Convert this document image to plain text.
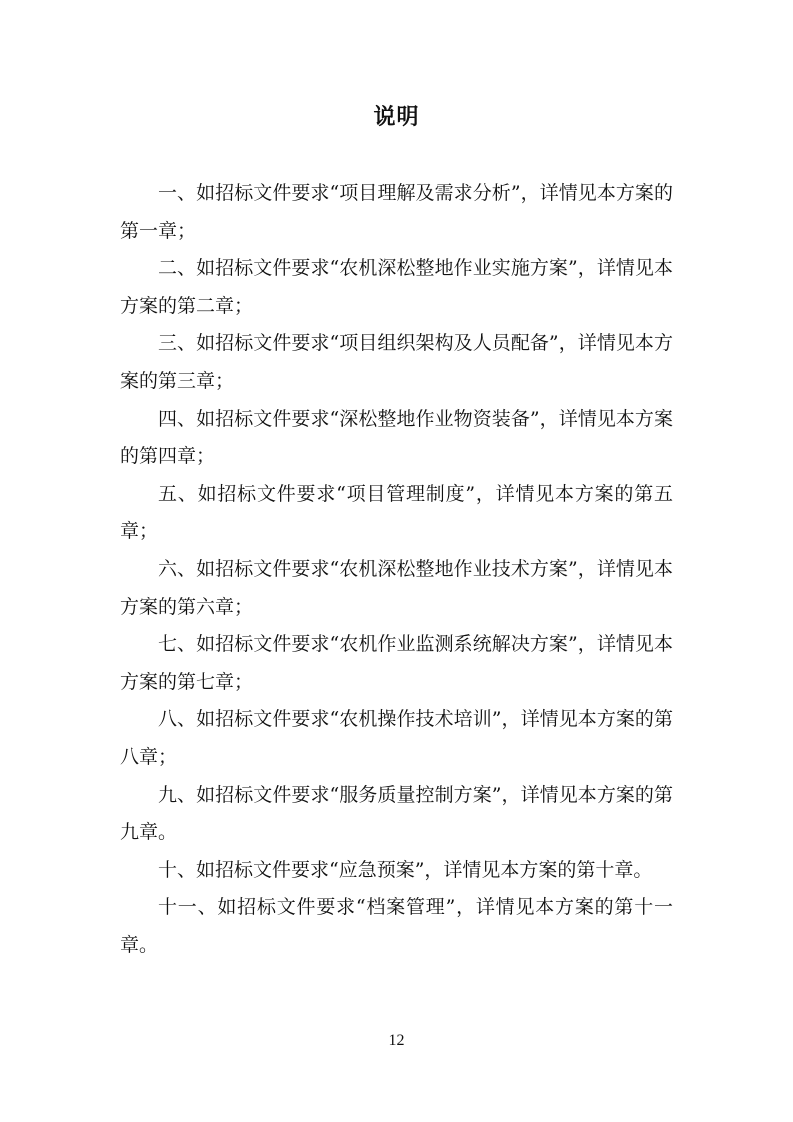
说明

一、如招标文件要求“项目理解及需求分析”，详情见本方案的第一章；

二、如招标文件要求“农机深松整地作业实施方案”，详情见本方案的第二章；

三、如招标文件要求“项目组织架构及人员配备”，详情见本方案的第三章；

四、如招标文件要求“深松整地作业物资装备”，详情见本方案的第四章；

五、如招标文件要求“项目管理制度”，详情见本方案的第五章；

六、如招标文件要求“农机深松整地作业技术方案”，详情见本方案的第六章；

七、如招标文件要求“农机作业监测系统解决方案”，详情见本方案的第七章；

八、如招标文件要求“农机操作技术培训”，详情见本方案的第八章；

九、如招标文件要求“服务质量控制方案”，详情见本方案的第九章。

十、如招标文件要求“应急预案”，详情见本方案的第十章。

十一、如招标文件要求“档案管理”，详情见本方案的第十一章。

12
